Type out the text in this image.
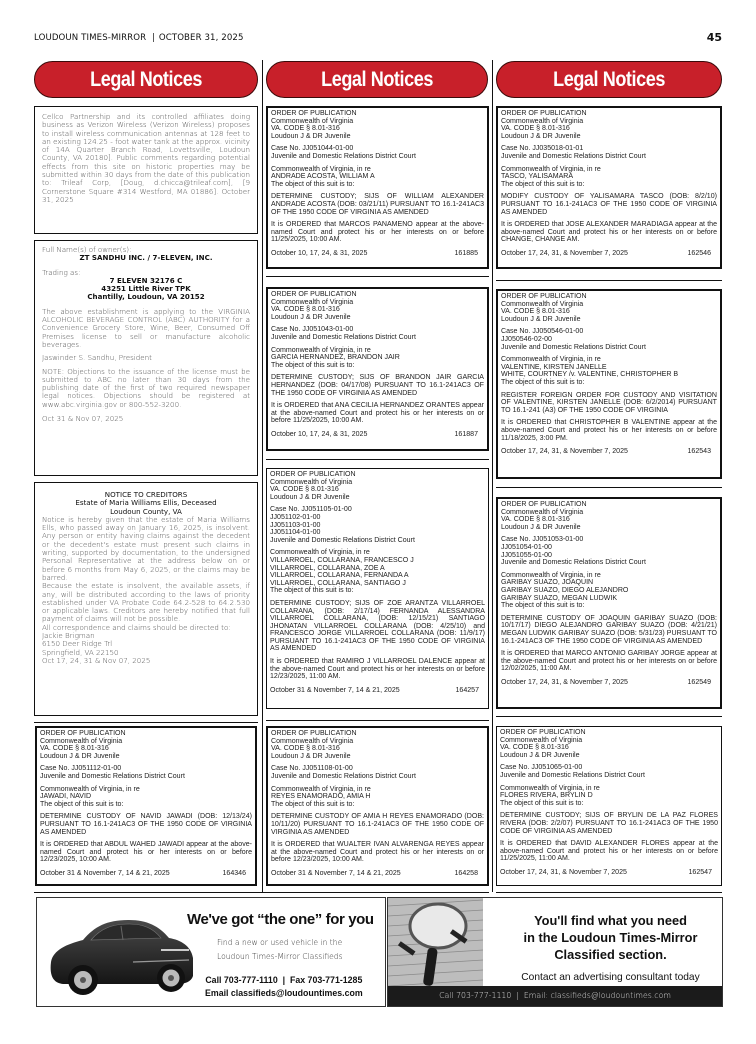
LOUDOUN TIMES-MIRROR | OCTOBER 31, 2025	45
Legal Notices	Legal Notices	Legal Notices
Cellco Partnership and its controlled affiliates doing business as Verizon Wireless (Verizon Wireless) proposes to install wireless communication antennas at 128 feet to an existing 124.25 - foot water tank at the approx. vicinity of 14A Quarter Branch Road, Lovettsville, Loudoun County, VA 20180]. Public comments regarding potential effects from this site on historic properties may be submitted within 30 days from the date of this publication to: Trileaf Corp, [Doug, d.chicca@trileaf.com], [9 Cornerstone Square #314 Westford, MA 01886]. October 31, 2025
Full Name(s) of owner(s):
ZT SANDHU INC. / 7-ELEVEN, INC.
Trading as:
7 ELEVEN 32176 C
43251 Little River TPK
Chantilly, Loudoun, VA 20152

The above establishment is applying to the VIRGINIA ALCOHOLIC BEVERAGE CONTROL (ABC) AUTHORITY for a Convenience Grocery Store, Wine, Beer, Consumed Off Premises license to sell or manufacture alcoholic beverages.

Jaswinder S. Sandhu, President

NOTE: Objections to the issuance of the license must be submitted to ABC no later than 30 days from the publishing date of the first of two required newspaper legal notices. Objections should be registered at www.abc.virginia.gov or 800-552-3200.

Oct 31 & Nov 07, 2025

NOTICE TO CREDITORS
Estate of Maria Williams Ellis, Deceased
Loudoun County, VA
Notice is hereby given that the estate of Maria Williams Ells, who passed away on January 16, 2025, is insolvent. Any person or entity having claims against the decedent or the decedent's estate must present such claims in writing, supported by documentation, to the undersigned Personal Representative at the address below on or before 6 months from May 6, 2025, or the claims may be barred.
Because the estate is insolvent, the available assets, if any, will be distributed according to the laws of priority established under VA Probate Code 64.2-528 to 64.2.530 or applicable laws. Creditors are hereby notified that full payment of claims will not be possible.
All correspondence and claims should be directed to:
Jackie Brigman
6150 Deer Ridge Trl
Springfield, VA 22150
Oct 17, 24, 31 & Nov 07, 2025
ORDER OF PUBLICATION
Commonwealth of Virginia
VA. CODE § 8.01-316
Loudoun J & DR Juvenile
Case No. JJ051112-01-00
Juvenile and Domestic Relations District Court
Commonwealth of Virginia, in re
JAWADI, NAVID
The object of this suit is to:
DETERMINE CUSTODY OF NAVID JAWADI (DOB: 12/13/24) PURSUANT TO 16.1-241AC3 OF THE 1950 CODE OF VIRGINIA AS AMENDED
It is ORDERED that ABDUL WAHED JAWADI appear at the above-named Court and protect his or her interests on or before 12/23/2025, 10:00 AM.
October 31 & November 7, 14 & 21, 2025	164346
ORDER OF PUBLICATION
Commonwealth of Virginia
VA. CODE § 8.01-316
Loudoun J & DR Juvenile
Case No. JJ051044-01-00
Juvenile and Domestic Relations District Court
Commonwealth of Virginia, in re
ANDRADE ACOSTA, WILLIAM A
The object of this suit is to:
DETERMINE CUSTODY; SIJS OF WILLIAM ALEXANDER ANDRADE ACOSTA (DOB: 03/21/11) PURSUANT TO 16.1-241AC3 OF THE 1950 CODE OF VIRGINIA AS AMENDED
It is ORDERED that MARCOS PANAMENO appear at the above-named Court and protect his or her interests on or before 11/25/2025, 10:00 AM.
October 10, 17, 24, & 31, 2025	161885
ORDER OF PUBLICATION
Commonwealth of Virginia
VA. CODE § 8.01-316
Loudoun J & DR Juvenile
Case No. JJ051043-01-00
Juvenile and Domestic Relations District Court
Commonwealth of Virginia, in re
GARCIA HERNANDEZ, BRANDON JAIR
The object of this suit is to:
DETERMINE CUSTODY; SIJS OF BRANDON JAIR GARCIA HERNANDEZ (DOB: 04/17/08) PURSUANT TO 16.1-241AC3 OF THE 1950 CODE OF VIRGINIA AS AMENDED
It is ORDERED that ANA CECILIA HERNANDEZ ORANTES appear at the above-named Court and protect his or her interests on or before 11/25/2025, 10:00 AM.
October 10, 17, 24, & 31, 2025	161887
ORDER OF PUBLICATION
Commonwealth of Virginia
VA. CODE § 8.01-316
Loudoun J & DR Juvenile
Case No. JJ051105-01-00
JJ051102-01-00
JJ051103-01-00
JJ051104-01-00
Juvenile and Domestic Relations District Court
Commonwealth of Virginia, in re
VILLARROEL, COLLARANA, FRANCESCO J
VILLARROEL, COLLARANA, ZOE A
VILLARROEL, COLLARANA, FERNANDA A
VILLARROEL, COLLARANA, SANTIAGO J
The object of this suit is to:
DETERMINE CUSTODY; SIJS OF ZOE ARANTZA VILLARROEL COLLARANA, (DOB: 2/17/14) FERNANDA ALESSANDRA VILLARROEL COLLARANA, (DOB: 12/15/21) SANTIAGO JHONATAN VILLARROEL COLLARANA (DOB: 4/25/10) and FRANCESCO JORGE VILLARROEL COLLARANA (DOB: 11/9/17) PURSUANT TO 16.1-241AC3 OF THE 1950 CODE OF VIRGINIA AS AMENDED
It is ORDERED that RAMIRO J VILLARROEL DALENCE appear at the above-named Court and protect his or her interests on or before 12/23/2025, 11:00 AM.
October 31 & November 7, 14 & 21, 2025	164257
ORDER OF PUBLICATION
Commonwealth of Virginia
VA. CODE § 8.01-316
Loudoun J & DR Juvenile
Case No. JJ051108-01-00
Juvenile and Domestic Relations District Court
Commonwealth of Virginia, in re
REYES ENAMORADO, AMIA H
The object of this suit is to:
DETERMINE CUSTODY OF AMIA H REYES ENAMORADO (DOB: 10/11/20) PURSUANT TO 16.1-241AC3 OF THE 1950 CODE OF VIRGINIA AS AMENDED
It is ORDERED that WUALTER IVAN ALVARENGA REYES appear at the above-named Court and protect his or her interests on or before 12/23/2025, 10:00 AM.
October 31 & November 7, 14 & 21, 2025	164258
ORDER OF PUBLICATION
Commonwealth of Virginia
VA. CODE § 8.01-316
Loudoun J & DR Juvenile
Case No. JJ035018-01-01
Juvenile and Domestic Relations District Court
Commonwealth of Virginia, in re
TASCO, YALISAMARA
The object of this suit is to:
MODIFY CUSTODY OF YALISAMARA TASCO (DOB: 8/2/10) PURSUANT TO 16.1-241AC3 OF THE 1950 CODE OF VIRGINIA AS AMENDED
It is ORDERED that JOSE ALEXANDER MARADIAGA appear at the above-named Court and protect his or her interests on or before CHANGE, CHANGE AM.
October 17, 24, 31, & November 7, 2025	162546
ORDER OF PUBLICATION
Commonwealth of Virginia
VA. CODE § 8.01-316
Loudoun J & DR Juvenile
Case No. JJ050546-01-00
JJ050546-02-00
Juvenile and Domestic Relations District Court
Commonwealth of Virginia, in re
VALENTINE, KIRSTEN JANELLE
WHITE, COURTNEY /v. VALENTINE, CHRISTOPHER B
The object of this suit is to:
REGISTER FOREIGN ORDER FOR CUSTODY AND VISITATION OF VALENTINE, KIRSTEN JANELLE (DOB: 6/2/2014) PURSUANT TO 16.1-241 (A3) OF THE 1950 CODE OF VIRGINIA
It is ORDERED that CHRISTOPHER B VALENTINE appear at the above-named Court and protect his or her interests on or before 11/18/2025, 3:00 PM.
October 17, 24, 31, & November 7, 2025	162543
ORDER OF PUBLICATION
Commonwealth of Virginia
VA. CODE § 8.01-316
Loudoun J & DR Juvenile
Case No. JJ051053-01-00
JJ051054-01-00
JJ051055-01-00
Juvenile and Domestic Relations District Court
Commonwealth of Virginia, in re
GARIBAY SUAZO, JOAQUIN
GARIBAY SUAZO, DIEGO ALEJANDRO
GARIBAY SUAZO, MEGAN LUDWIK
The object of this suit is to:
DETERMINE CUSTODY OF JOAQUIN GARIBAY SUAZO (DOB: 10/17/17) DIEGO ALEJANDRO GARIBAY SUAZO (DOB: 4/21/21) MEGAN LUDWIK GARIBAY SUAZO (DOB: 5/31/23) PURSUANT TO 16.1-241AC3 OF THE 1950 CODE OF VIRGINIA AS AMENDED
It is ORDERED that MARCO ANTONIO GARIBAY JORGE appear at the above-named Court and protect his or her interests on or before 12/02/2025, 11:00 AM.
October 17, 24, 31, & November 7, 2025	162549
ORDER OF PUBLICATION
Commonwealth of Virginia
VA. CODE § 8.01-316
Loudoun J & DR Juvenile
Case No. JJ051065-01-00
Juvenile and Domestic Relations District Court
Commonwealth of Virginia, in re
FLORES RIVERA, BRYLIN D
The object of this suit is to:
DETERMINE CUSTODY; SIJS OF BRYLIN DE LA PAZ FLORES RIVERA (DOB: 2/2/07) PURSUANT TO 16.1-241AC3 OF THE 1950 CODE OF VIRGINIA AS AMENDED
It is ORDERED that DAVID ALEXANDER FLORES appear at the above-named Court and protect his or her interests on or before 11/25/2025, 11:00 AM.
October 17, 24, 31, & November 7, 2025	162547
We've got “the one” for you
Find a new or used vehicle in the
Loudoun Times-Mirror Classifieds
Call 703-777-1110  |  Fax 703-771-1285
Email classifieds@loudountimes.com
You'll find what you need
in the Loudoun Times-Mirror
Classified section.
Contact an advertising consultant today
Call 703-777-1110  |  Email: classifieds@loudountimes.com
